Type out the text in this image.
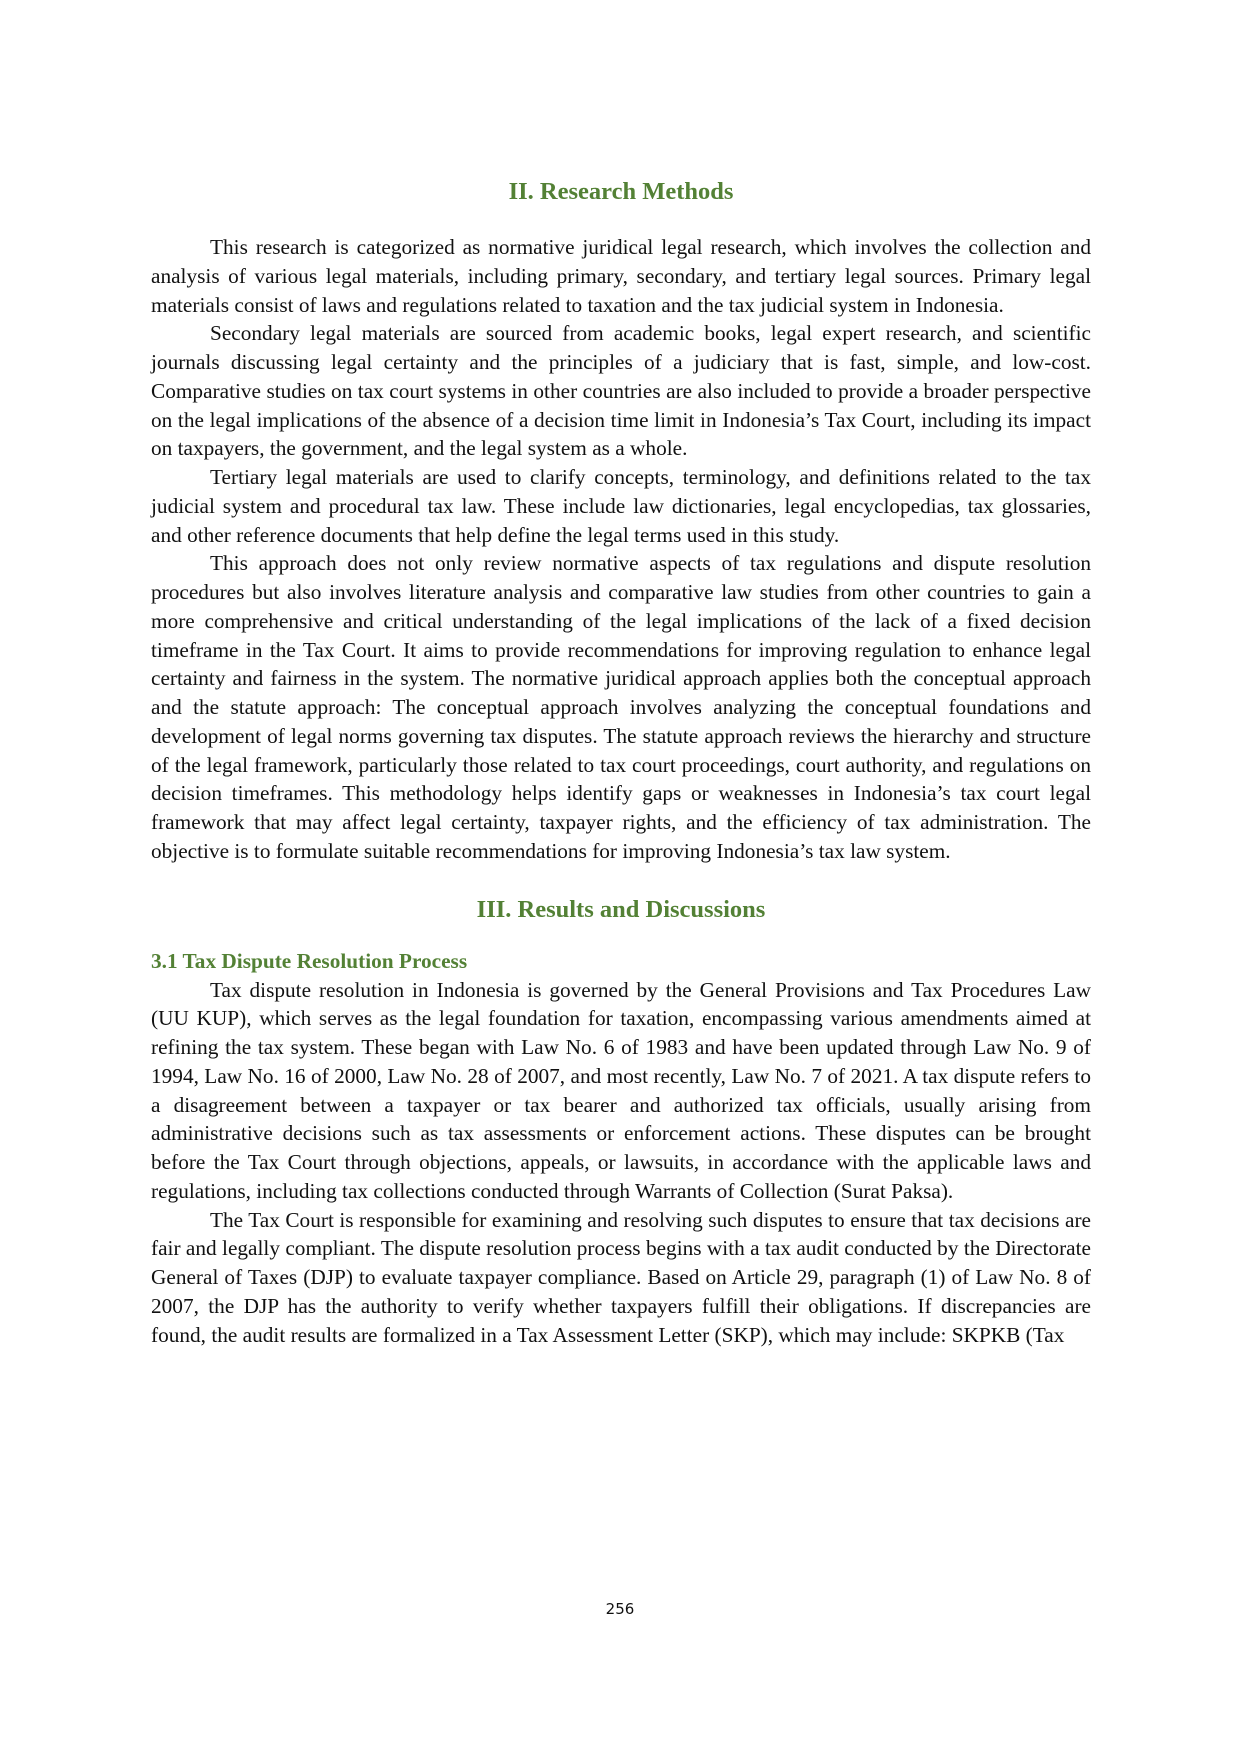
II. Research Methods

This research is categorized as normative juridical legal research, which involves the collection and analysis of various legal materials, including primary, secondary, and tertiary legal sources. Primary legal materials consist of laws and regulations related to taxation and the tax judicial system in Indonesia.

Secondary legal materials are sourced from academic books, legal expert research, and scientific journals discussing legal certainty and the principles of a judiciary that is fast, simple, and low-cost. Comparative studies on tax court systems in other countries are also included to provide a broader perspective on the legal implications of the absence of a decision time limit in Indonesia’s Tax Court, including its impact on taxpayers, the government, and the legal system as a whole.

Tertiary legal materials are used to clarify concepts, terminology, and definitions related to the tax judicial system and procedural tax law. These include law dictionaries, legal encyclopedias, tax glossaries, and other reference documents that help define the legal terms used in this study.

This approach does not only review normative aspects of tax regulations and dispute resolution procedures but also involves literature analysis and comparative law studies from other countries to gain a more comprehensive and critical understanding of the legal implications of the lack of a fixed decision timeframe in the Tax Court. It aims to provide recommendations for improving regulation to enhance legal certainty and fairness in the system. The normative juridical approach applies both the conceptual approach and the statute approach: The conceptual approach involves analyzing the conceptual foundations and development of legal norms governing tax disputes. The statute approach reviews the hierarchy and structure of the legal framework, particularly those related to tax court proceedings, court authority, and regulations on decision timeframes. This methodology helps identify gaps or weaknesses in Indonesia’s tax court legal framework that may affect legal certainty, taxpayer rights, and the efficiency of tax administration. The objective is to formulate suitable recommendations for improving Indonesia’s tax law system.

III. Results and Discussions
3.1 Tax Dispute Resolution Process

Tax dispute resolution in Indonesia is governed by the General Provisions and Tax Procedures Law (UU KUP), which serves as the legal foundation for taxation, encompassing various amendments aimed at refining the tax system. These began with Law No. 6 of 1983 and have been updated through Law No. 9 of 1994, Law No. 16 of 2000, Law No. 28 of 2007, and most recently, Law No. 7 of 2021. A tax dispute refers to a disagreement between a taxpayer or tax bearer and authorized tax officials, usually arising from administrative decisions such as tax assessments or enforcement actions. These disputes can be brought before the Tax Court through objections, appeals, or lawsuits, in accordance with the applicable laws and regulations, including tax collections conducted through Warrants of Collection (Surat Paksa).

The Tax Court is responsible for examining and resolving such disputes to ensure that tax decisions are fair and legally compliant. The dispute resolution process begins with a tax audit conducted by the Directorate General of Taxes (DJP) to evaluate taxpayer compliance. Based on Article 29, paragraph (1) of Law No. 8 of 2007, the DJP has the authority to verify whether taxpayers fulfill their obligations. If discrepancies are found, the audit results are formalized in a Tax Assessment Letter (SKP), which may include: SKPKB (Tax

256
